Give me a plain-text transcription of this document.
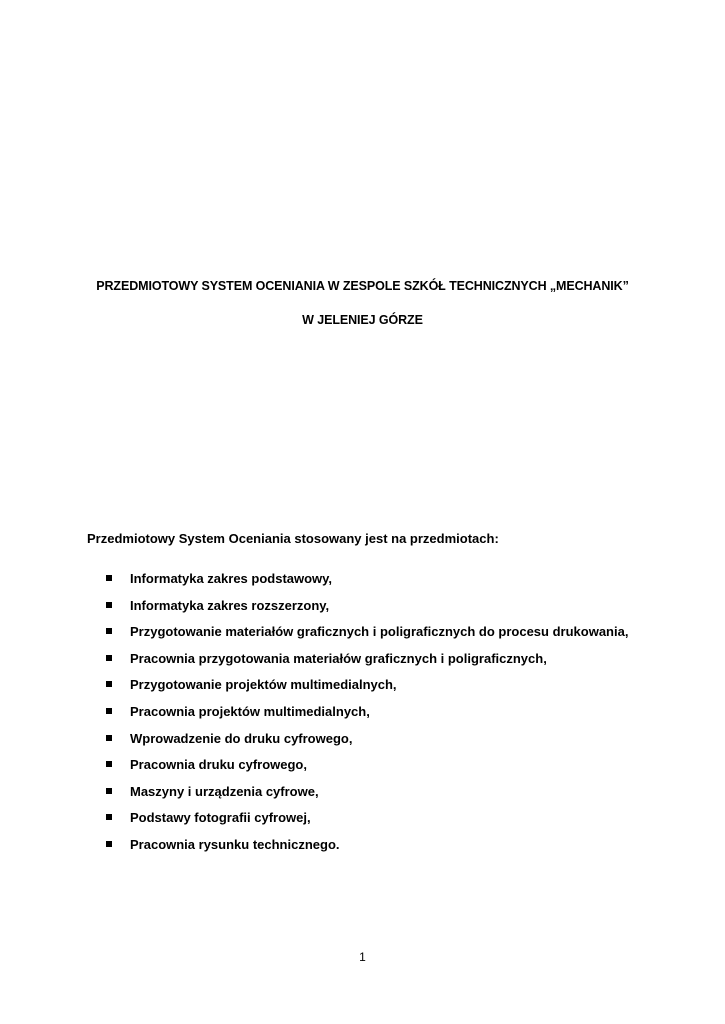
PRZEDMIOTOWY SYSTEM OCENIANIA W ZESPOLE SZKÓŁ TECHNICZNYCH „MECHANIK”
W JELENIEJ GÓRZE
Przedmiotowy System Oceniania stosowany jest na przedmiotach:
Informatyka zakres podstawowy,
Informatyka zakres rozszerzony,
Przygotowanie materiałów graficznych i poligraficznych do procesu drukowania,
Pracownia przygotowania materiałów graficznych i poligraficznych,
Przygotowanie projektów multimedialnych,
Pracownia projektów multimedialnych,
Wprowadzenie do druku cyfrowego,
Pracownia druku cyfrowego,
Maszyny i urządzenia cyfrowe,
Podstawy fotografii cyfrowej,
Pracownia rysunku technicznego.
1
